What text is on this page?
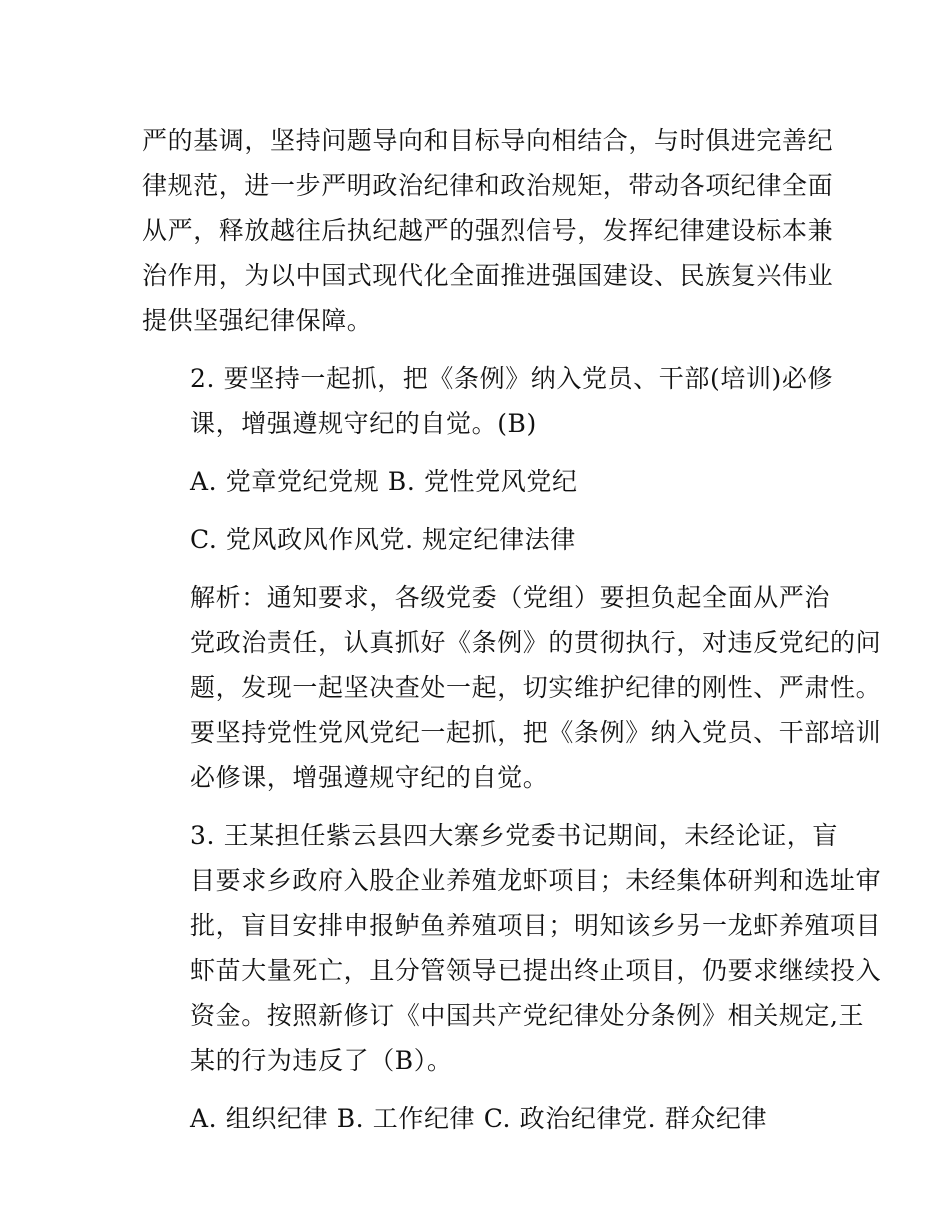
严的基调，坚持问题导向和目标导向相结合，与时俱进完善纪
律规范，进一步严明政治纪律和政治规矩，带动各项纪律全面
从严，释放越往后执纪越严的强烈信号，发挥纪律建设标本兼
治作用，为以中国式现代化全面推进强国建设、民族复兴伟业
提供坚强纪律保障。
2. 要坚持一起抓，把《条例》纳入党员、干部(培训)必修
课，增强遵规守纪的自觉。(B)
A. 党章党纪党规 B. 党性党风党纪
C. 党风政风作风党. 规定纪律法律
解析：通知要求，各级党委（党组）要担负起全面从严治
党政治责任，认真抓好《条例》的贯彻执行，对违反党纪的问
题，发现一起坚决查处一起，切实维护纪律的刚性、严肃性。
要坚持党性党风党纪一起抓，把《条例》纳入党员、干部培训
必修课，增强遵规守纪的自觉。
3. 王某担任紫云县四大寨乡党委书记期间，未经论证，盲
目要求乡政府入股企业养殖龙虾项目；未经集体研判和选址审
批，盲目安排申报鲈鱼养殖项目；明知该乡另一龙虾养殖项目
虾苗大量死亡，且分管领导已提出终止项目，仍要求继续投入
资金。按照新修订《中国共产党纪律处分条例》相关规定,王
某的行为违反了（B）。
A. 组织纪律 B. 工作纪律 C. 政治纪律党. 群众纪律
